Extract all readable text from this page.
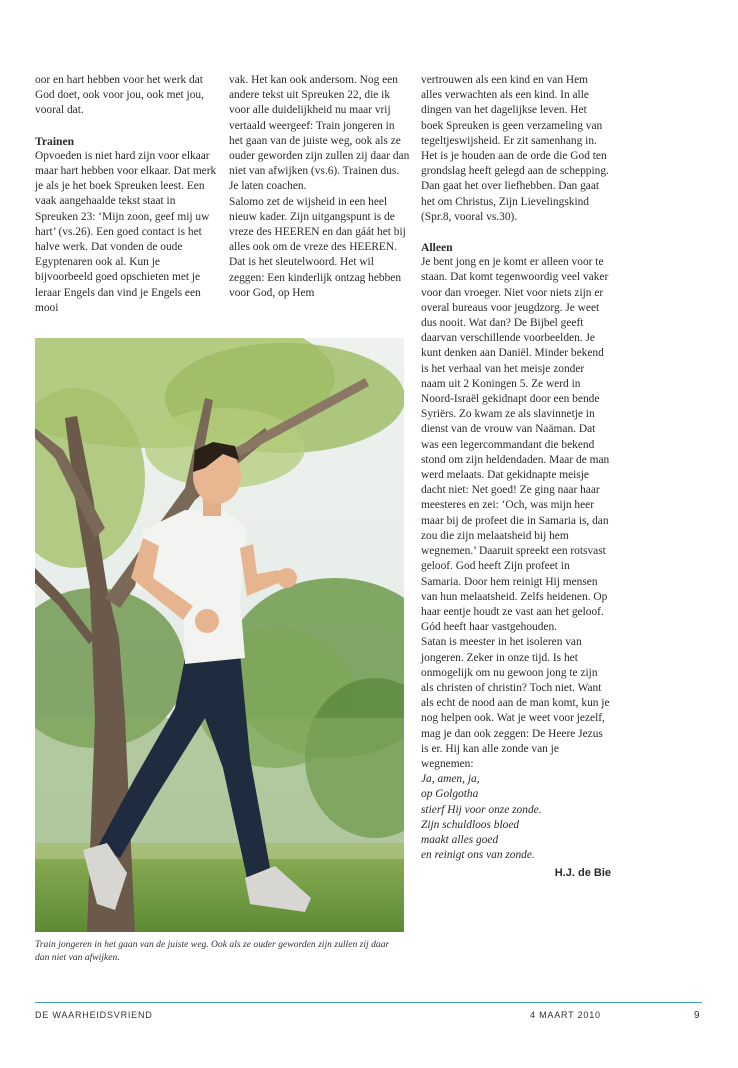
oor en hart hebben voor het werk dat God doet, ook voor jou, ook met jou, vooral dat.

Trainen

Opvoeden is niet hard zijn voor elkaar maar hart hebben voor elkaar. Dat merk je als je het boek Spreuken leest. Een vaak aangehaalde tekst staat in Spreuken 23: ‘Mijn zoon, geef mij uw hart’ (vs.26). Een goed contact is het halve werk. Dat vonden de oude Egyptenaren ook al. Kun je bijvoorbeeld goed opschieten met je leraar Engels dan vind je Engels een mooi

vak. Het kan ook andersom. Nog een andere tekst uit Spreuken 22, die ik voor alle duidelijkheid nu maar vrij vertaald weergeef: Train jongeren in het gaan van de juiste weg, ook als ze ouder geworden zijn zullen zij daar dan niet van afwijken (vs.6). Trainen dus. Je laten coachen.

Salomo zet de wijsheid in een heel nieuw kader. Zijn uitgangspunt is de vreze des HEEREN en dan gáát het bij alles ook om de vreze des HEEREN. Dat is het sleutelwoord. Het wil zeggen: Een kinderlijk ontzag hebben voor God, op Hem

vertrouwen als een kind en van Hem alles verwachten als een kind. In alle dingen van het dagelijkse leven. Het boek Spreuken is geen verzameling van tegeltjeswijsheid. Er zit samenhang in. Het is je houden aan de orde die God ten grondslag heeft gelegd aan de schepping. Dan gaat het over liefhebben. Dan gaat het om Christus, Zijn Lievelingskind (Spr.8, vooral vs.30).

Alleen

Je bent jong en je komt er alleen voor te staan. Dat komt tegenwoordig veel vaker voor dan vroeger. Niet voor niets zijn er overal bureaus voor jeugdzorg. Je weet dus nooit. Wat dan? De Bijbel geeft daarvan verschillende voorbeelden. Je kunt denken aan Daniël. Minder bekend is het verhaal van het meisje zonder naam uit 2 Koningen 5. Ze werd in Noord-Israël gekidnapt door een bende Syriërs. Zo kwam ze als slavinnetje in dienst van de vrouw van Naäman. Dat was een legercommandant die bekend stond om zijn heldendaden. Maar de man werd melaats. Dat gekidnapte meisje dacht niet: Net goed! Ze ging naar haar meesteres en zei: ‘Och, was mijn heer maar bij de profeet die in Samaria is, dan zou die zijn melaatsheid bij hem wegnemen.’ Daaruit spreekt een rotsvast geloof. God heeft Zijn profeet in Samaria. Door hem reinigt Hij mensen van hun melaatsheid. Zelfs heidenen. Op haar eentje houdt ze vast aan het geloof. Gód heeft haar vastgehouden.

Satan is meester in het isoleren van jongeren. Zeker in onze tijd. Is het onmogelijk om nu gewoon jong te zijn als christen of christin? Toch niet. Want als echt de nood aan de man komt, kun je nog helpen ook. Wat je weet voor jezelf, mag je dan ook zeggen: De Heere Jezus is er. Hij kan alle zonde van je wegnemen:

Ja, amen, ja,

op Golgotha

stierf Hij voor onze zonde.

Zijn schuldloos bloed

maakt alles goed

en reinigt ons van zonde.

H.J. de Bie

Train jongeren in het gaan van de juiste weg. Ook als ze ouder geworden zijn zullen zij daar dan niet van afwijken.
DE WAARHEIDSVRIEND	4 MAART 2010	9
